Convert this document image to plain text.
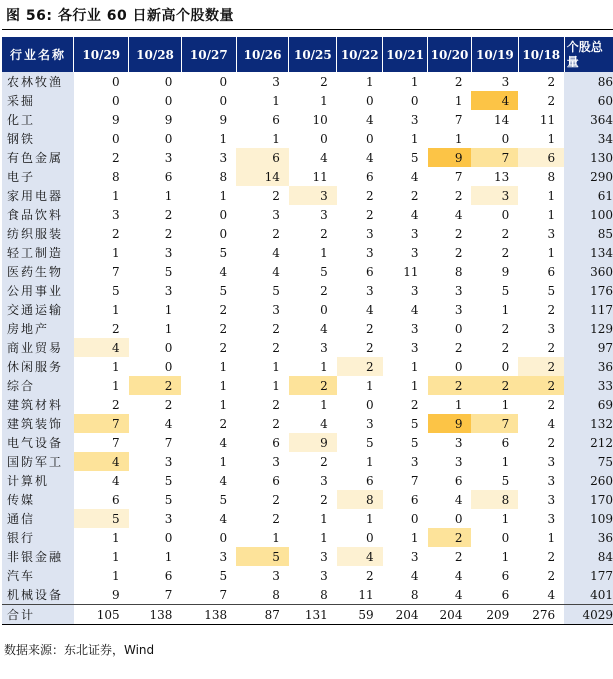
图 56: 各行业 60 日新高个股数量
行业名称	10/29	10/28	10/27	10/26	10/25	10/22	10/21	10/20	10/19	10/18	个股总量
农林牧渔	0	0	0	3	2	1	1	2	3	2	86
采掘	0	0	0	1	1	0	0	1	4	2	60
化工	9	9	9	6	10	4	3	7	14	11	364
钢铁	0	0	1	1	0	0	1	1	0	1	34
有色金属	2	3	3	6	4	4	5	9	7	6	130
电子	8	6	8	14	11	6	4	7	13	8	290
家用电器	1	1	1	2	3	2	2	2	3	1	61
食品饮料	3	2	0	3	3	2	4	4	0	1	100
纺织服装	2	2	0	2	2	3	3	2	2	3	85
轻工制造	1	3	5	4	1	3	3	2	2	1	134
医药生物	7	5	4	4	5	6	11	8	9	6	360
公用事业	5	3	5	5	2	3	3	3	5	5	176
交通运输	1	1	2	3	0	4	4	3	1	2	117
房地产	2	1	2	2	4	2	3	0	2	3	129
商业贸易	4	0	2	2	3	2	3	2	2	2	97
休闲服务	1	0	1	1	1	2	1	0	0	2	36
综合	1	2	1	1	2	1	1	2	2	2	33
建筑材料	2	2	1	2	1	0	2	1	1	2	69
建筑装饰	7	4	2	2	4	3	5	9	7	4	132
电气设备	7	7	4	6	9	5	5	3	6	2	212
国防军工	4	3	1	3	2	1	3	3	1	3	75
计算机	4	5	4	6	3	6	7	6	5	3	260
传媒	6	5	5	2	2	8	6	4	8	3	170
通信	5	3	4	2	1	1	0	0	1	3	109
银行	1	0	0	1	1	0	1	2	0	1	36
非银金融	1	1	3	5	3	4	3	2	1	2	84
汽车	1	6	5	3	3	2	4	4	6	2	177
机械设备	9	7	7	8	8	11	8	4	6	4	401
合计	105	138	138	87	131	59	204	204	209	276	4029
数据来源：东北证券，Wind
